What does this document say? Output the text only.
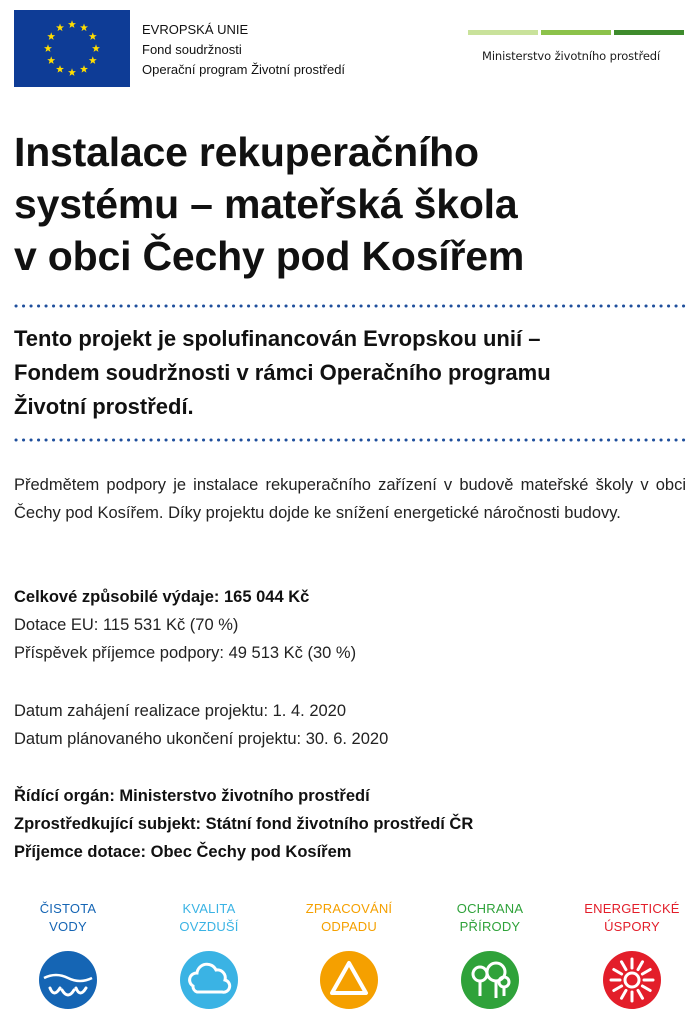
EVROPSKÁ UNIE
Fond soudržnosti
Operační program Životní prostředí
Ministerstvo životního prostředí
Instalace rekuperačního
systému – mateřská škola
v obci Čechy pod Kosířem

Tento projekt je spolufinancován Evropskou unií –
Fondem soudržnosti v rámci Operačního programu
Životní prostředí.

Předmětem podpory je instalace rekuperačního zařízení v budově mateřské školy v obci Čechy pod Kosířem. Díky projektu dojde ke snížení energetické náročnosti budovy.

Celkové způsobilé výdaje: 165 044 Kč
Dotace EU: 115 531 Kč (70 %)
Příspěvek příjemce podpory: 49 513 Kč (30 %)
Datum zahájení realizace projektu: 1. 4. 2020
Datum plánovaného ukončení projektu: 30. 6. 2020
Řídící orgán: Ministerstvo životního prostředí
Zprostředkující subjekt: Státní fond životního prostředí ČR
Příjemce dotace: Obec Čechy pod Kosířem
ČISTOTA
VODY
KVALITA
OVZDUŠÍ
ZPRACOVÁNÍ
ODPADU
OCHRANA
PŘÍRODY
ENERGETICKÉ
ÚSPORY
